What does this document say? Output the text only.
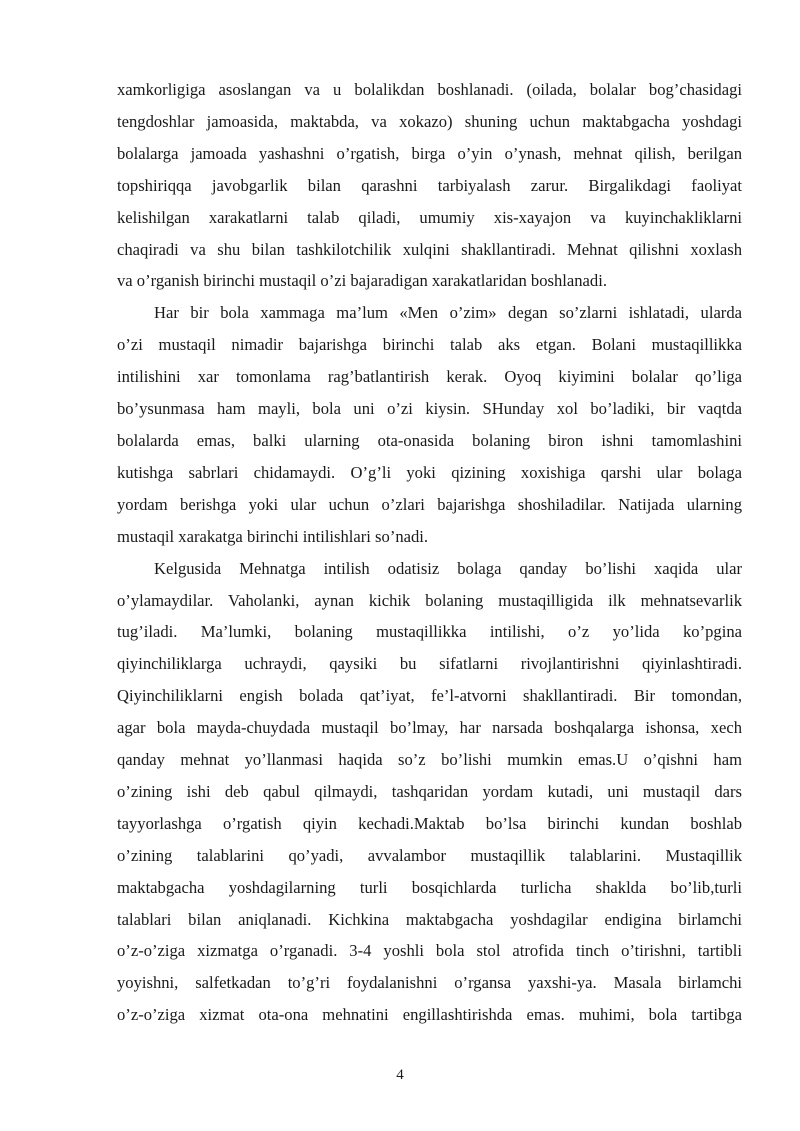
xamkorligiga asoslangan va u bolalikdan boshlanadi. (oilada, bolalar bog’chasidagi
tengdoshlar jamoasida, maktabda, va xokazo) shuning uchun maktabgacha yoshdagi
bolalarga jamoada yashashni o’rgatish, birga o’yin o’ynash, mehnat qilish, berilgan
topshiriqqa javobgarlik bilan qarashni tarbiyalash zarur. Birgalikdagi faoliyat
kelishilgan xarakatlarni talab qiladi, umumiy xis-xayajon va kuyinchakliklarni
chaqiradi va shu bilan tashkilotchilik xulqini shakllantiradi. Mehnat qilishni xoxlash
va o’rganish birinchi mustaqil o’zi bajaradigan xarakatlaridan boshlanadi.

Har bir bola xammaga ma’lum «Men o’zim» degan so’zlarni ishlatadi, ularda
o’zi mustaqil nimadir bajarishga birinchi talab aks etgan. Bolani mustaqillikka
intilishini xar tomonlama rag’batlantirish kerak. Oyoq kiyimini bolalar qo’liga
bo’ysunmasa ham mayli, bola uni o’zi kiysin. SHunday xol bo’ladiki, bir vaqtda
bolalarda emas, balki ularning ota-onasida bolaning biron ishni tamomlashini
kutishga sabrlari chidamaydi. O’g’li yoki qizining xoxishiga qarshi ular bolaga
yordam berishga yoki ular uchun o’zlari bajarishga shoshiladilar. Natijada ularning
mustaqil xarakatga birinchi intilishlari so’nadi.

Kelgusida Mehnatga intilish odatisiz bolaga qanday bo’lishi xaqida ular
o’ylamaydilar. Vaholanki, aynan kichik bolaning mustaqilligida ilk mehnatsevarlik
tug’iladi. Ma’lumki, bolaning mustaqillikka intilishi, o’z yo’lida ko’pgina
qiyinchiliklarga uchraydi, qaysiki bu sifatlarni rivojlantirishni qiyinlashtiradi.
Qiyinchiliklarni engish bolada qat’iyat, fe’l-atvorni shakllantiradi. Bir tomondan,
agar bola mayda-chuydada mustaqil bo’lmay, har narsada boshqalarga ishonsa, xech
qanday mehnat yo’llanmasi haqida so’z bo’lishi mumkin emas.U o’qishni ham
o’zining ishi deb qabul qilmaydi, tashqaridan yordam kutadi, uni mustaqil dars
tayyorlashga o’rgatish qiyin kechadi.Maktab bo’lsa birinchi kundan boshlab
o’zining talablarini qo’yadi, avvalambor mustaqillik talablarini. Mustaqillik
maktabgacha yoshdagilarning turli bosqichlarda turlicha shaklda bo’lib,turli
talablari bilan aniqlanadi. Kichkina maktabgacha yoshdagilar endigina birlamchi
o’z-o’ziga xizmatga o’rganadi. 3-4 yoshli bola stol atrofida tinch o’tirishni, tartibli
yoyishni, salfetkadan to’g’ri foydalanishni o’rgansa yaxshi-ya. Masala birlamchi
o’z-o’ziga xizmat ota-ona mehnatini engillashtirishda emas. muhimi, bola tartibga

4
